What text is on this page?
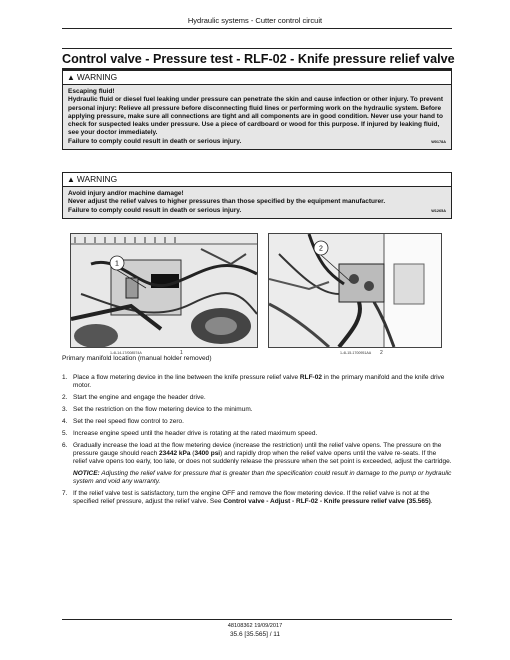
Hydraulic systems - Cutter control circuit
Control valve - Pressure test - RLF-02 - Knife pressure relief valve
▲ WARNING
Escaping fluid!
Hydraulic fluid or diesel fuel leaking under pressure can penetrate the skin and cause infection or other injury. To prevent personal injury: Relieve all pressure before disconnecting fluid lines or performing work on the hydraulic system. Before applying pressure, make sure all connections are tight and all components are in good condition. Never use your hand to check for suspected leaks under pressure. Use a piece of cardboard or wood for this purpose. If injured by leaking fluid, see your doctor immediately.
Failure to comply could result in death or serious injury.	W0178A
▲ WARNING
Avoid injury and/or machine damage!
Never adjust the relief valves to higher pressures than those specified by the equipment manufacturer.
Failure to comply could result in death or serious injury.	W1265A
1
1-4L14-17/008574A	1
2
1-4L15-1700951AA 2
Primary manifold location (manual holder removed)
1. Place a flow metering device in the line between the knife pressure relief valve RLF-02 in the primary manifold and the knife drive motor.
2. Start the engine and engage the header drive.
3. Set the restriction on the flow metering device to the minimum.
4. Set the reel speed flow control to zero.
5. Increase engine speed until the header drive is rotating at the rated maximum speed.
6. Gradually increase the load at the flow metering device (increase the restriction) until the relief valve opens. The pressure on the pressure gauge should reach 23442 kPa (3400 psi) and rapidly drop when the relief valve opens until the valve re-seats. If the relief valve opens too early, too late, or does not suddenly release the pressure when the set point is exceeded, adjust the cartridge.
NOTICE: Adjusting the relief valve for pressure that is greater than the specification could result in damage to the pump or hydraulic system and void any warranty.
7. If the relief valve test is satisfactory, turn the engine OFF and remove the flow metering device. If the relief valve is not at the specified relief pressure, adjust the relief valve. See Control valve - Adjust - RLF-02 - Knife pressure relief valve (35.565).
48108362 19/09/2017
35.6 [35.565] / 11
